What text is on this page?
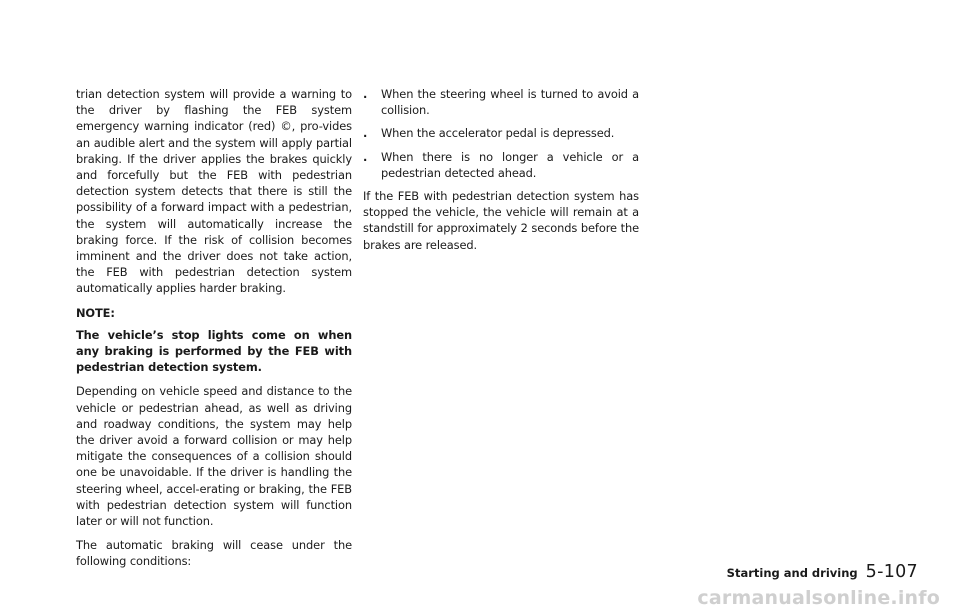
trian detection system will provide a warning to the driver by flashing the FEB system emergency warning indicator (red) ©, pro-vides an audible alert and the system will apply partial braking. If the driver applies the brakes quickly and forcefully but the FEB with pedestrian detection system detects that there is still the possibility of a forward impact with a pedestrian, the system will automatically increase the braking force. If the risk of collision becomes imminent and the driver does not take action, the FEB with pedestrian detection system automatically applies harder braking.

NOTE:
The vehicle’s stop lights come on when any braking is performed by the FEB with pedestrian detection system.

Depending on vehicle speed and distance to the vehicle or pedestrian ahead, as well as driving and roadway conditions, the system may help the driver avoid a forward collision or may help mitigate the consequences of a collision should one be unavoidable. If the driver is handling the steering wheel, accel-erating or braking, the FEB with pedestrian detection system will function later or will not function.

The automatic braking will cease under the following conditions:

. When the steering wheel is turned to avoid a collision.
. When the accelerator pedal is depressed.
. When there is no longer a vehicle or a pedestrian detected ahead.

If the FEB with pedestrian detection system has stopped the vehicle, the vehicle will remain at a standstill for approximately 2 seconds before the brakes are released.

Starting and driving 5-107
carmanualsonline.info
